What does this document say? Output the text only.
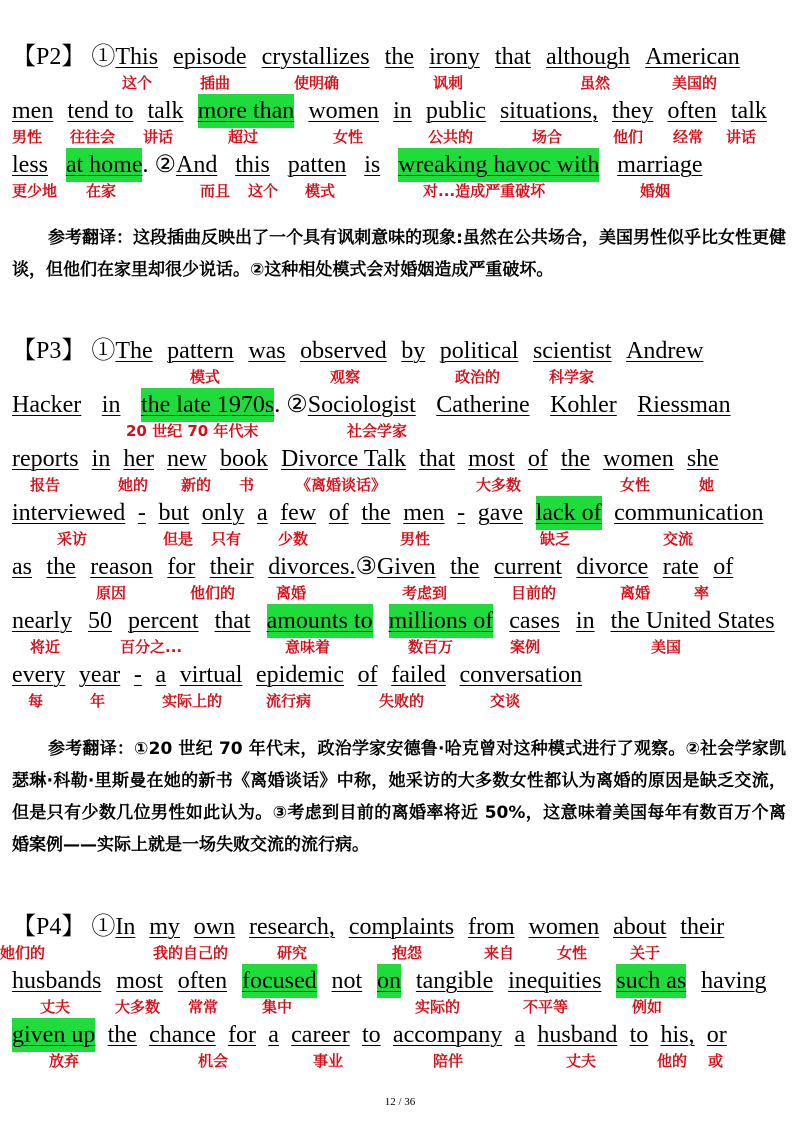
【P2】 ①This episode crystallizes the irony that although American
这个	插曲	使明确	讽刺	虽然	美国的
men tend to talk more than women in public situations, they often talk
男性 往往会 讲话	超过	女性	公共的	场合	他们 经常 讲话
less at home. ②And this patten is wreaking havoc with marriage
更少地 在家	而且 这个 模式	对...造成严重破坏	婚姻
参考翻译：这段插曲反映出了一个具有讽刺意味的现象:虽然在公共场合，美国男性似乎比女性更健谈，但他们在家里却很少说话。②这种相处模式会对婚姻造成严重破坏。
【P3】 ①The pattern was observed by political scientist Andrew
模式	观察	政治的	科学家
Hacker in the late 1970s. ②Sociologist Catherine Kohler Riessman
20 世纪 70 年代末	社会学家
reports in her new book Divorce Talk that most of the women she
报告	她的 新的 书	《离婚谈话》	大多数	女性	她
interviewed - but only a few of the men - gave lack of communication
采访	但是 只有 少数	男性	缺乏	交流
as the reason for their divorces.③Given the current divorce rate of
原因	他们的	离婚	考虑到	目前的	离婚	率
nearly 50 percent that amounts to millions of cases in the United States
将近	百分之...	意味着	数百万	案例	美国
every year - a virtual epidemic of failed conversation
每	年	实际上的	流行病	失败的	交谈
参考翻译：①20 世纪 70 年代末，政治学家安德鲁·哈克曾对这种模式进行了观察。②社会学家凯瑟琳·科勒·里斯曼在她的新书《离婚谈话》中称，她采访的大多数女性都认为离婚的原因是缺乏交流，但是只有少数几位男性如此认为。③考虑到目前的离婚率将近 50%，这意味着美国每年有数百万个离婚案例——实际上就是一场失败交流的流行病。
【P4】 ①In my own research, complaints from women about their
我的自己的	研究	抱怨	来自	女性	关于
她们的
husbands most often focused not on tangible inequities such as having
丈夫	大多数 常常	集中	实际的	不平等	例如
given up the chance for a career to accompany a husband to his, or
放弃	机会	事业	陪伴	丈夫	他的 或
12 / 36
